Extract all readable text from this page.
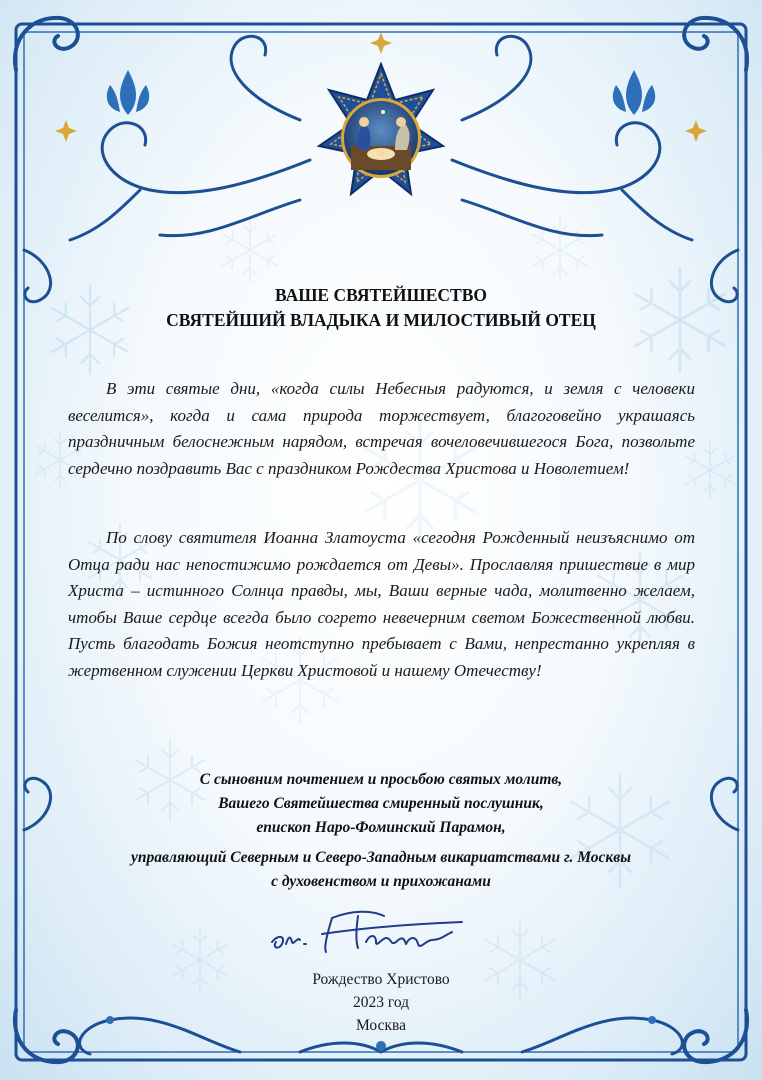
ВАШЕ СВЯТЕЙШЕСТВО
СВЯТЕЙШИЙ ВЛАДЫКА И МИЛОСТИВЫЙ ОТЕЦ

В эти святые дни, «когда силы Небесныя радуются, и земля с человеки веселится», когда и сама природа торжествует, благоговейно украшаясь праздничным белоснежным нарядом, встречая вочеловечившегося Бога, позвольте сердечно поздравить Вас с праздником Рождества Христова и Новолетием!

По слову святителя Иоанна Златоуста «сегодня Рожденный неизъяснимо от Отца ради нас непостижимо рождается от Девы». Прославляя пришествие в мир Христа – истинного Солнца правды, мы, Ваши верные чада, молитвенно желаем, чтобы Ваше сердце всегда было согрето невечерним светом Божественной любви. Пусть благодать Божия неотступно пребывает с Вами, непрестанно укрепляя в жертвенном служении Церкви Христовой и нашему Отечеству!

С сыновним почтением и просьбою святых молитв,
Вашего Святейшества смиренный послушник,
епископ Наро-Фоминский Парамон,
управляющий Северным и Северо-Западным викариатствами г. Москвы
с духовенством и прихожанами
Рождество Христово
2023 год
Москва
